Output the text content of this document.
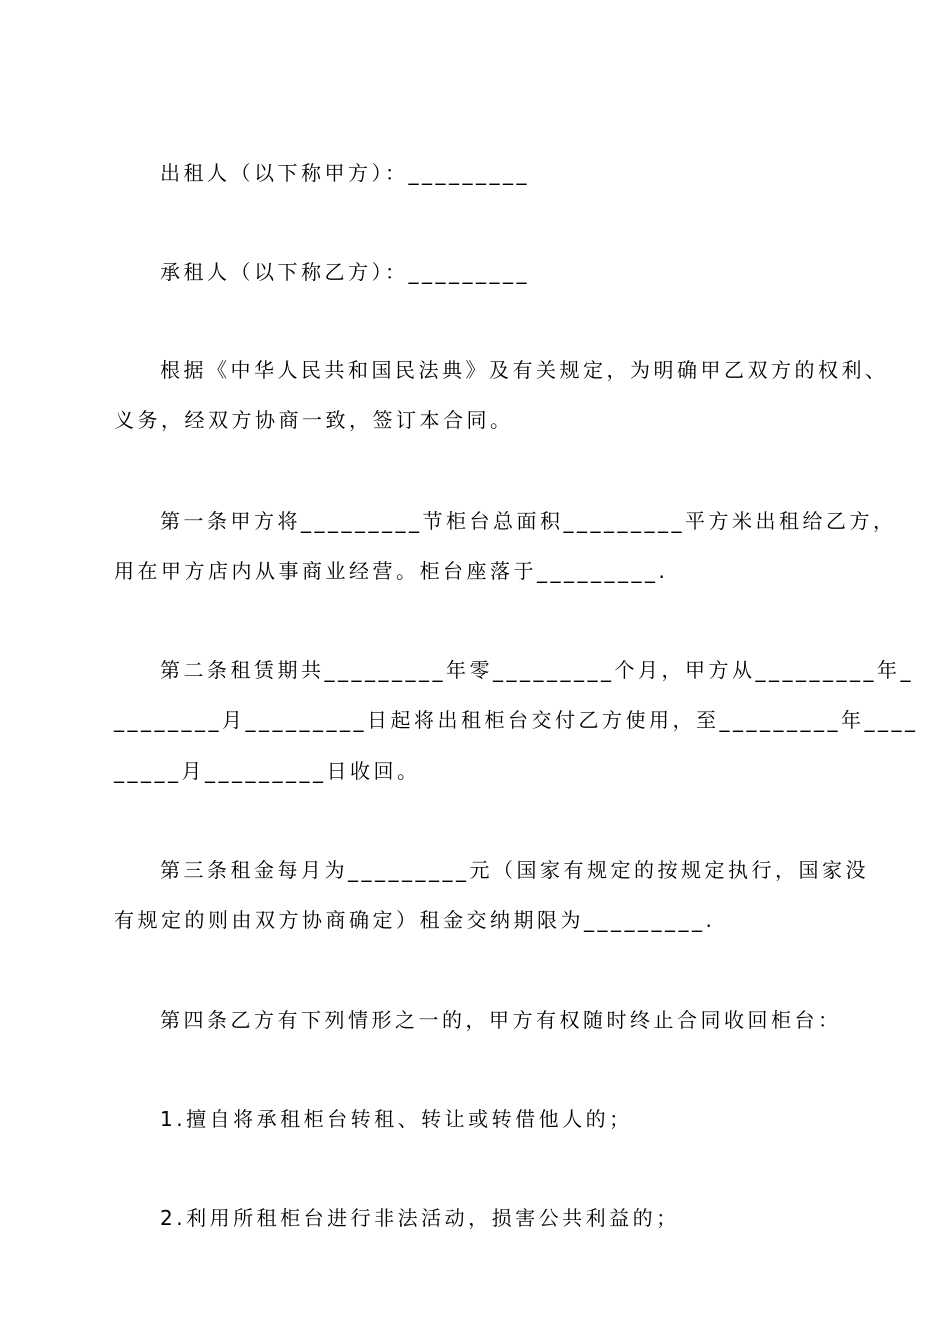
出租人（以下称甲方）：_________
承租人（以下称乙方）：_________
根据《中华人民共和国民法典》及有关规定，为明确甲乙双方的权利、
义务，经双方协商一致，签订本合同。
第一条甲方将_________节柜台总面积_________平方米出租给乙方，
用在甲方店内从事商业经营。柜台座落于_________.
第二条租赁期共_________年零_________个月，甲方从_________年_
________月_________日起将出租柜台交付乙方使用，至_________年____
_____月_________日收回。
第三条租金每月为_________元（国家有规定的按规定执行，国家没
有规定的则由双方协商确定）租金交纳期限为_________.
第四条乙方有下列情形之一的，甲方有权随时终止合同收回柜台：
1.擅自将承租柜台转租、转让或转借他人的；
2.利用所租柜台进行非法活动，损害公共利益的；
